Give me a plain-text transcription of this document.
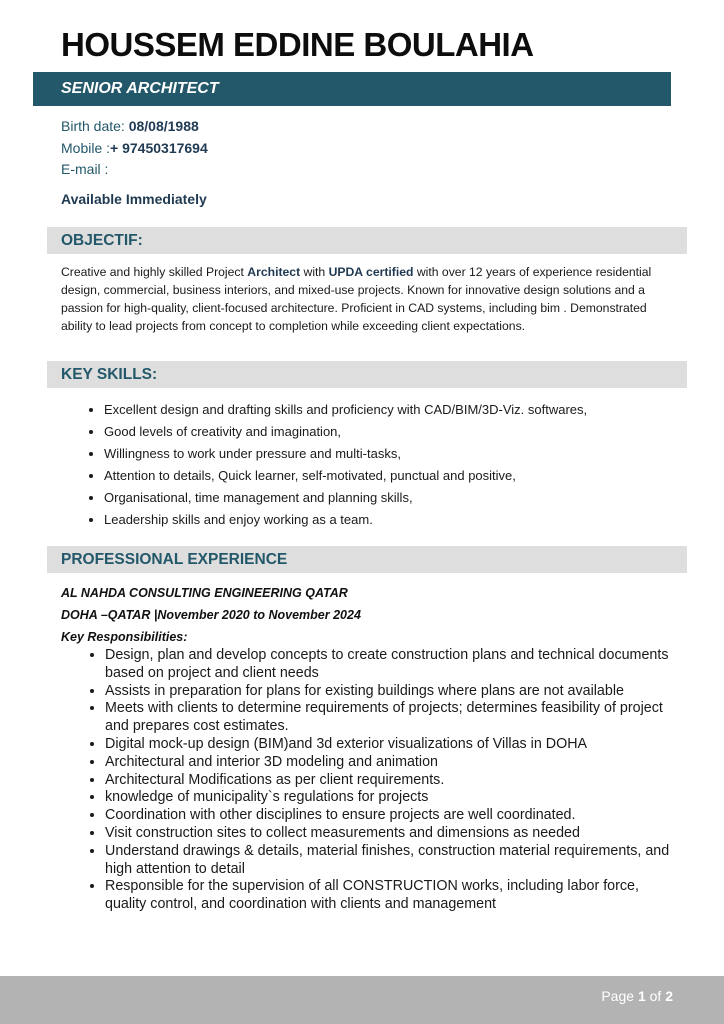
HOUSSEM EDDINE BOULAHIA
SENIOR ARCHITECT
Birth date: 08/08/1988
Mobile :+ 97450317694
E-mail :
Available Immediately
OBJECTIF:

Creative and highly skilled Project Architect with UPDA certified with over 12 years of experience residential design, commercial, business interiors, and mixed-use projects. Known for innovative design solutions and a passion for high-quality, client-focused architecture. Proficient in CAD systems, including bim . Demonstrated ability to lead projects from concept to completion while exceeding client expectations.

KEY SKILLS:
• Excellent design and drafting skills and proficiency with CAD/BIM/3D-Viz. softwares,
• Good levels of creativity and imagination,
• Willingness to work under pressure and multi-tasks,
• Attention to details, Quick learner, self-motivated, punctual and positive,
• Organisational, time management and planning skills,
• Leadership skills and enjoy working as a team.
PROFESSIONAL EXPERIENCE
AL NAHDA CONSULTING ENGINEERING QATAR
DOHA –QATAR |November 2020 to November 2024
Key Responsibilities:
• Design, plan and develop concepts to create construction plans and technical documents based on project and client needs
• Assists in preparation for plans for existing buildings where plans are not available
• Meets with clients to determine requirements of projects; determines feasibility of project and prepares cost estimates.
• Digital mock-up design (BIM)and 3d exterior visualizations of Villas in DOHA
• Architectural and interior 3D modeling and animation
• Architectural Modifications as per client requirements.
• knowledge of municipality`s regulations for projects
• Coordination with other disciplines to ensure projects are well coordinated.
• Visit construction sites to collect measurements and dimensions as needed
• Understand drawings & details, material finishes, construction material requirements, and high attention to detail
• Responsible for the supervision of all CONSTRUCTION works, including labor force, quality control, and coordination with clients and management
Page 1 of 2
